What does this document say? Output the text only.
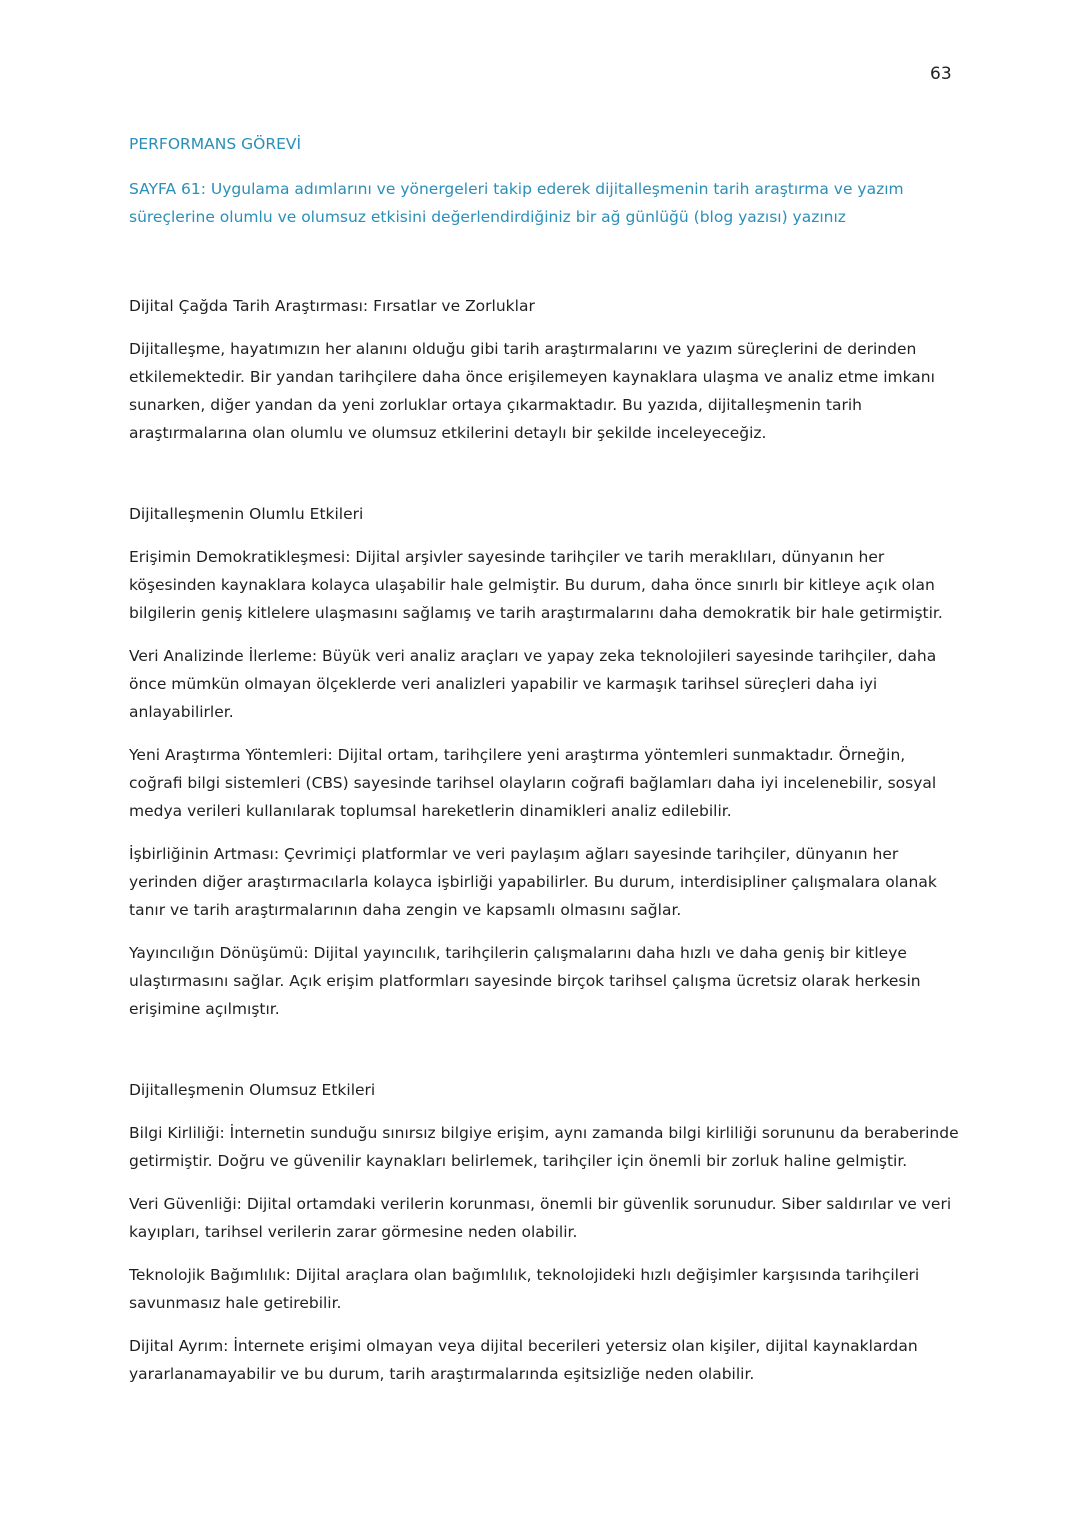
63
PERFORMANS GÖREVİ

SAYFA 61: Uygulama adımlarını ve yönergeleri takip ederek dijitalleşmenin tarih araştırma ve yazım süreçlerine olumlu ve olumsuz etkisini değerlendirdiğiniz bir ağ günlüğü (blog yazısı) yazınız

Dijital Çağda Tarih Araştırması: Fırsatlar ve Zorluklar

Dijitalleşme, hayatımızın her alanını olduğu gibi tarih araştırmalarını ve yazım süreçlerini de derinden etkilemektedir. Bir yandan tarihçilere daha önce erişilemeyen kaynaklara ulaşma ve analiz etme imkanı sunarken, diğer yandan da yeni zorluklar ortaya çıkarmaktadır. Bu yazıda, dijitalleşmenin tarih araştırmalarına olan olumlu ve olumsuz etkilerini detaylı bir şekilde inceleyeceğiz.

Dijitalleşmenin Olumlu Etkileri

Erişimin Demokratikleşmesi: Dijital arşivler sayesinde tarihçiler ve tarih meraklıları, dünyanın her köşesinden kaynaklara kolayca ulaşabilir hale gelmiştir. Bu durum, daha önce sınırlı bir kitleye açık olan bilgilerin geniş kitlelere ulaşmasını sağlamış ve tarih araştırmalarını daha demokratik bir hale getirmiştir.

Veri Analizinde İlerleme: Büyük veri analiz araçları ve yapay zeka teknolojileri sayesinde tarihçiler, daha önce mümkün olmayan ölçeklerde veri analizleri yapabilir ve karmaşık tarihsel süreçleri daha iyi anlayabilirler.

Yeni Araştırma Yöntemleri: Dijital ortam, tarihçilere yeni araştırma yöntemleri sunmaktadır. Örneğin, coğrafi bilgi sistemleri (CBS) sayesinde tarihsel olayların coğrafi bağlamları daha iyi incelenebilir, sosyal medya verileri kullanılarak toplumsal hareketlerin dinamikleri analiz edilebilir.

İşbirliğinin Artması: Çevrimiçi platformlar ve veri paylaşım ağları sayesinde tarihçiler, dünyanın her yerinden diğer araştırmacılarla kolayca işbirliği yapabilirler. Bu durum, interdisipliner çalışmalara olanak tanır ve tarih araştırmalarının daha zengin ve kapsamlı olmasını sağlar.

Yayıncılığın Dönüşümü: Dijital yayıncılık, tarihçilerin çalışmalarını daha hızlı ve daha geniş bir kitleye ulaştırmasını sağlar. Açık erişim platformları sayesinde birçok tarihsel çalışma ücretsiz olarak herkesin erişimine açılmıştır.

Dijitalleşmenin Olumsuz Etkileri

Bilgi Kirliliği: İnternetin sunduğu sınırsız bilgiye erişim, aynı zamanda bilgi kirliliği sorununu da beraberinde getirmiştir. Doğru ve güvenilir kaynakları belirlemek, tarihçiler için önemli bir zorluk haline gelmiştir.

Veri Güvenliği: Dijital ortamdaki verilerin korunması, önemli bir güvenlik sorunudur. Siber saldırılar ve veri kayıpları, tarihsel verilerin zarar görmesine neden olabilir.

Teknolojik Bağımlılık: Dijital araçlara olan bağımlılık, teknolojideki hızlı değişimler karşısında tarihçileri savunmasız hale getirebilir.

Dijital Ayrım: İnternete erişimi olmayan veya dijital becerileri yetersiz olan kişiler, dijital kaynaklardan yararlanamayabilir ve bu durum, tarih araştırmalarında eşitsizliğe neden olabilir.
